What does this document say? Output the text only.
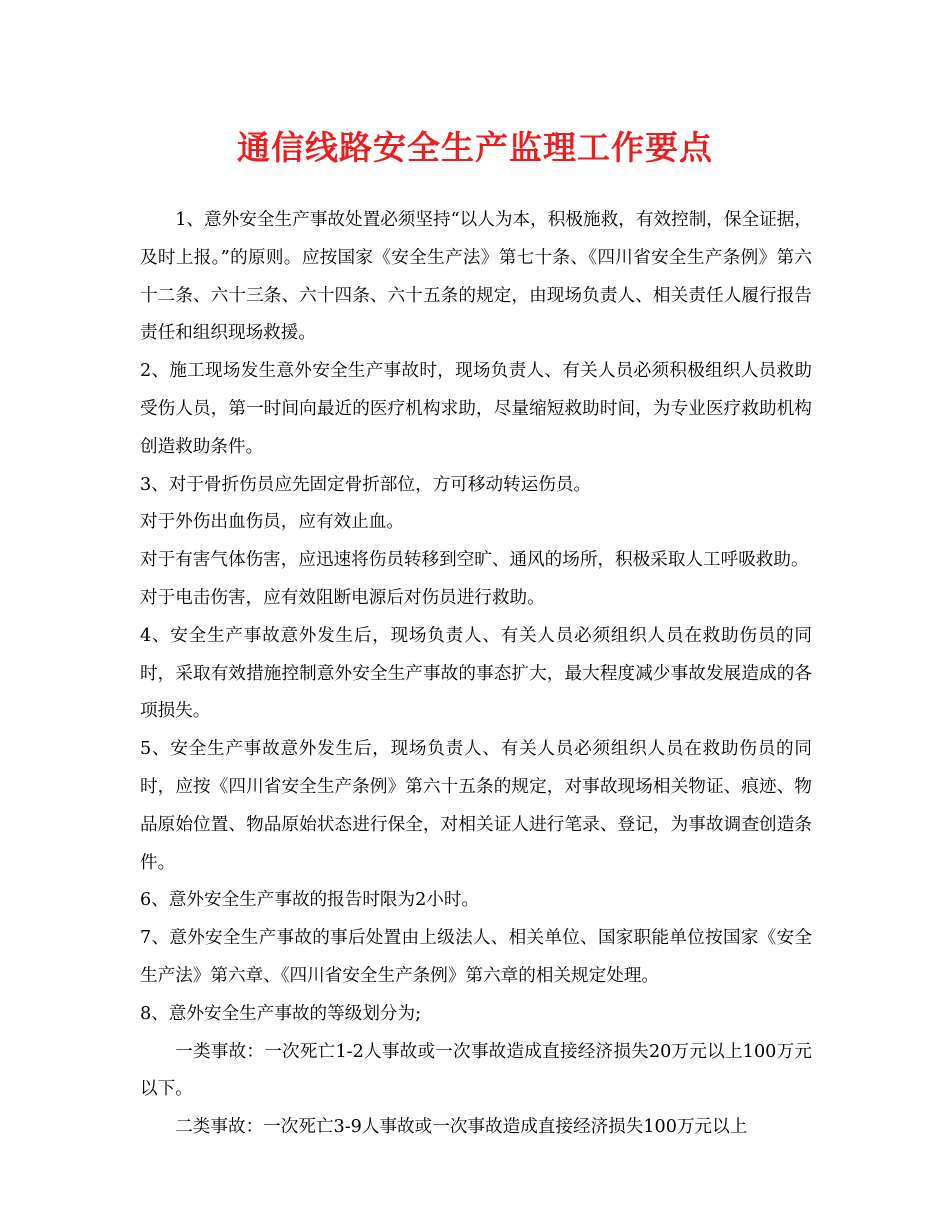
通信线路安全生产监理工作要点

1、意外安全生产事故处置必须坚持“以人为本，积极施救，有效控制，保全证据，及时上报。”的原则。应按国家《安全生产法》第七十条、《四川省安全生产条例》第六十二条、六十三条、六十四条、六十五条的规定，由现场负责人、相关责任人履行报告责任和组织现场救援。

2、施工现场发生意外安全生产事故时，现场负责人、有关人员必须积极组织人员救助受伤人员，第一时间向最近的医疗机构求助，尽量缩短救助时间，为专业医疗救助机构创造救助条件。

3、对于骨折伤员应先固定骨折部位，方可移动转运伤员。

对于外伤出血伤员，应有效止血。

对于有害气体伤害，应迅速将伤员转移到空旷、通风的场所，积极采取人工呼吸救助。

对于电击伤害，应有效阻断电源后对伤员进行救助。

4、安全生产事故意外发生后，现场负责人、有关人员必须组织人员在救助伤员的同时，采取有效措施控制意外安全生产事故的事态扩大，最大程度减少事故发展造成的各项损失。

5、安全生产事故意外发生后，现场负责人、有关人员必须组织人员在救助伤员的同时，应按《四川省安全生产条例》第六十五条的规定，对事故现场相关物证、痕迹、物品原始位置、物品原始状态进行保全，对相关证人进行笔录、登记，为事故调查创造条件。

6、意外安全生产事故的报告时限为2小时。

7、意外安全生产事故的事后处置由上级法人、相关单位、国家职能单位按国家《安全生产法》第六章、《四川省安全生产条例》第六章的相关规定处理。

8、意外安全生产事故的等级划分为;

一类事故：一次死亡1-2人事故或一次事故造成直接经济损失20万元以上100万元以下。

二类事故：一次死亡3-9人事故或一次事故造成直接经济损失100万元以上
